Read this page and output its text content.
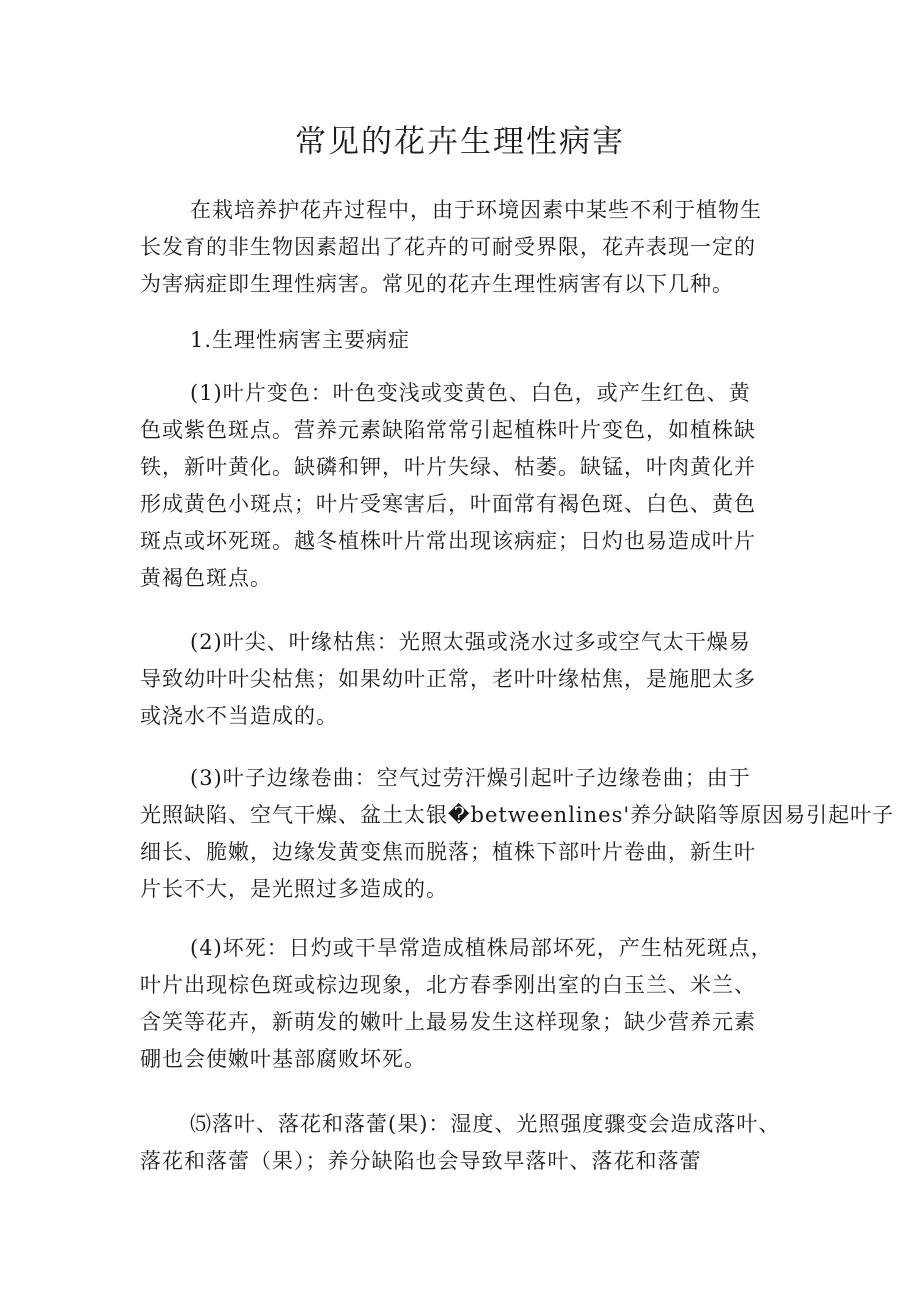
常见的花卉生理性病害
在栽培养护花卉过程中，由于环境因素中某些不利于植物生
长发育的非生物因素超出了花卉的可耐受界限，花卉表现一定的
为害病症即生理性病害。常见的花卉生理性病害有以下几种。
1.生理性病害主要病症
(1)叶片变色：叶色变浅或变黄色、白色，或产生红色、黄
色或紫色斑点。营养元素缺陷常常引起植株叶片变色，如植株缺
铁，新叶黄化。缺磷和钾，叶片失绿、枯萎。缺锰，叶肉黄化并
形成黄色小斑点；叶片受寒害后，叶面常有褐色斑、白色、黄色
斑点或坏死斑。越冬植株叶片常出现该病症；日灼也易造成叶片
黄褐色斑点。
(2)叶尖、叶缘枯焦：光照太强或浇水过多或空气太干燥易
导致幼叶叶尖枯焦；如果幼叶正常，老叶叶缘枯焦，是施肥太多
或浇水不当造成的。
(3)叶子边缘卷曲：空气过劳汗燥引起叶子边缘卷曲；由于
光照缺陷、空气干燥、盆土太银�betweenlines'养分缺陷等原因易引起叶子
细长、脆嫩，边缘发黄变焦而脱落；植株下部叶片卷曲，新生叶
片长不大，是光照过多造成的。
(4)坏死：日灼或干旱常造成植株局部坏死，产生枯死斑点，
叶片出现棕色斑或棕边现象，北方春季刚出室的白玉兰、米兰、
含笑等花卉，新萌发的嫩叶上最易发生这样现象；缺少营养元素
硼也会使嫩叶基部腐败坏死。
⑸落叶、落花和落蕾(果)：湿度、光照强度骤变会造成落叶、
落花和落蕾（果）；养分缺陷也会导致早落叶、落花和落蕾
